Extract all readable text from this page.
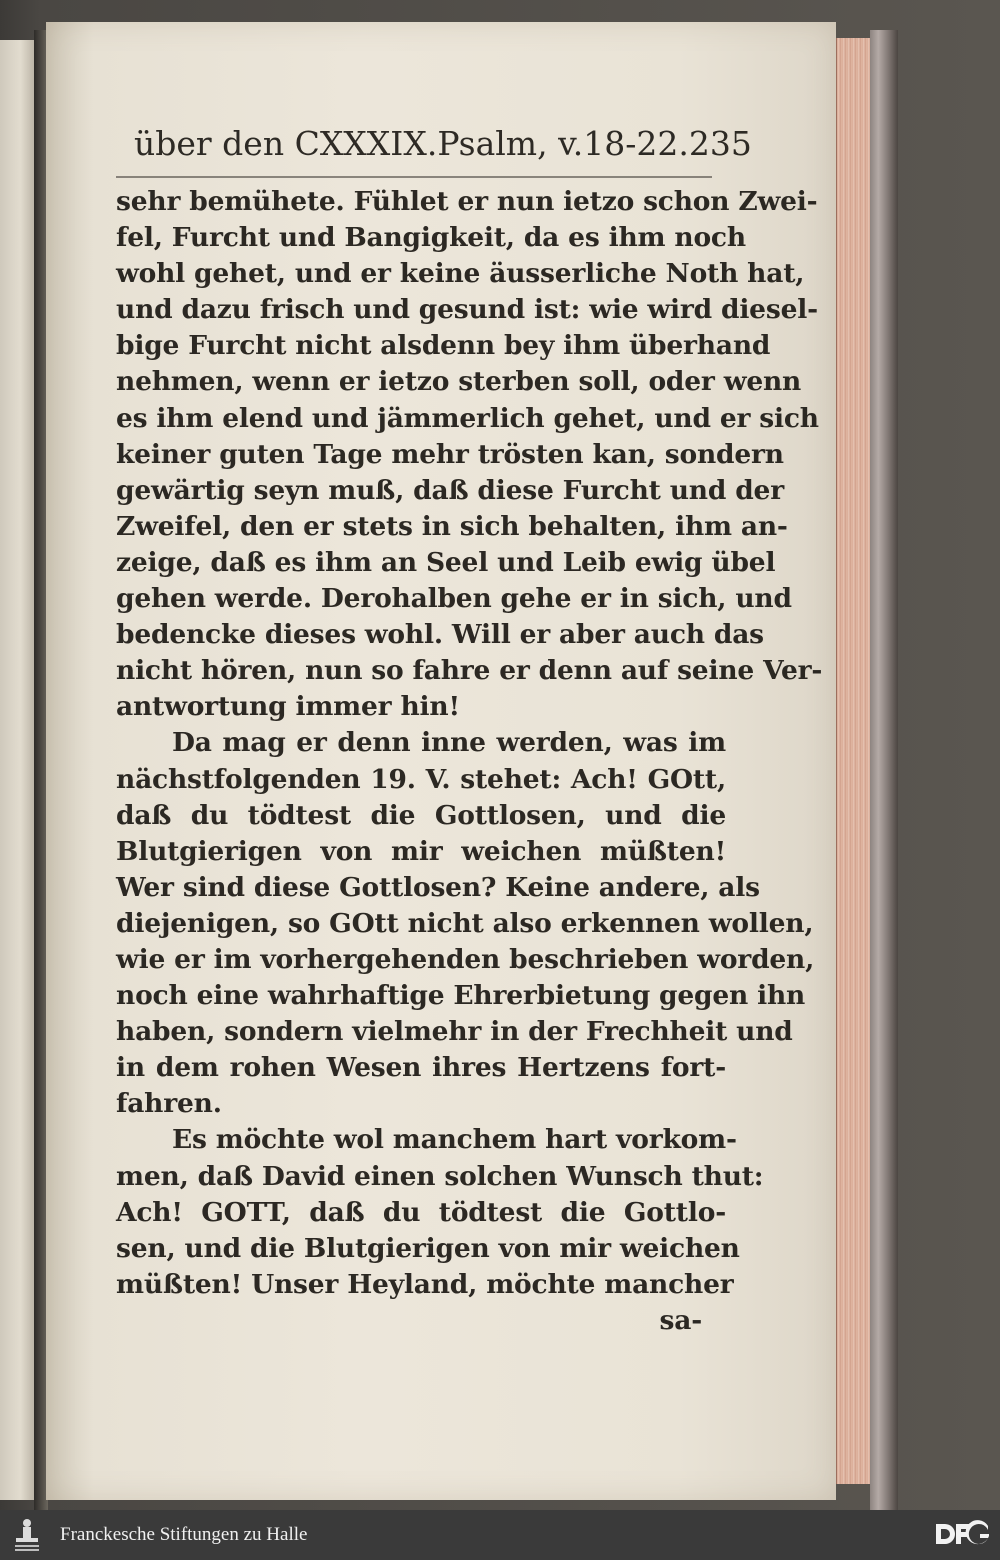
über den CXXXIX.Psalm, v.18-22. 235
sehr bemühete. Fühlet er nun ietzo schon Zwei-
fel, Furcht und Bangigkeit, da es ihm noch
wohl gehet, und er keine äusserliche Noth hat,
und dazu frisch und gesund ist: wie wird diesel-
bige Furcht nicht alsdenn bey ihm überhand
nehmen, wenn er ietzo sterben soll, oder wenn
es ihm elend und jämmerlich gehet, und er sich
keiner guten Tage mehr trösten kan, sondern
gewärtig seyn muß, daß diese Furcht und der
Zweifel, den er stets in sich behalten, ihm an-
zeige, daß es ihm an Seel und Leib ewig übel
gehen werde. Derohalben gehe er in sich, und
bedencke dieses wohl. Will er aber auch das
nicht hören, nun so fahre er denn auf seine Ver-
antwortung immer hin!
Da mag er denn inne werden, was im
nächstfolgenden 19. V. stehet: Ach! GOtt,
daß du tödtest die Gottlosen, und die
Blutgierigen von mir weichen müßten!
Wer sind diese Gottlosen? Keine andere, als
diejenigen, so GOtt nicht also erkennen wollen,
wie er im vorhergehenden beschrieben worden,
noch eine wahrhaftige Ehrerbietung gegen ihn
haben, sondern vielmehr in der Frechheit und
in dem rohen Wesen ihres Hertzens fort-
fahren.
Es möchte wol manchem hart vorkom-
men, daß David einen solchen Wunsch thut:
Ach! GOTT, daß du tödtest die Gottlo-
sen, und die Blutgierigen von mir weichen
müßten! Unser Heyland, möchte mancher
sa-
Franckesche Stiftungen zu Halle
